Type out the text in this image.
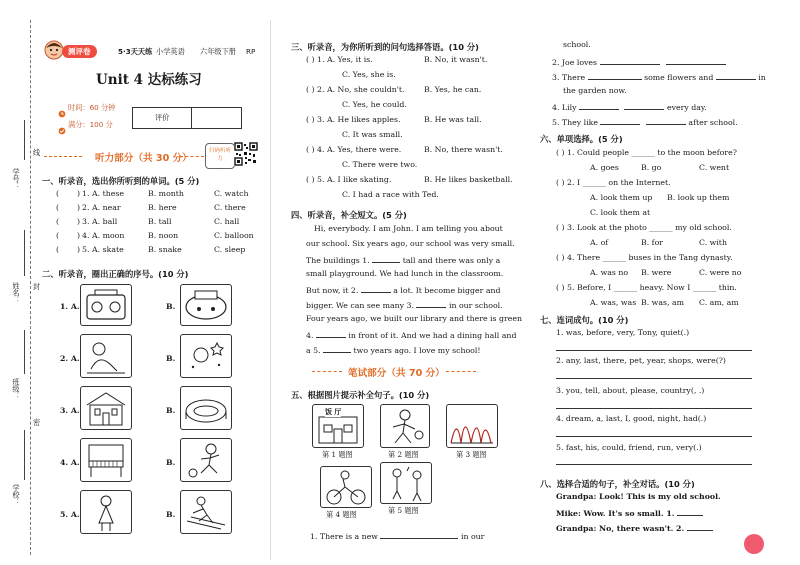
学号：
线
姓名： 封
班级：
密
学校：
测评卷	5·3天天练 小学英语 六年级下册 RP
Unit 4 达标练习
时间：60 分钟
满分：100 分
评价
听力部分（共 30 分）
扫码听听力
一、听录音，选出你所听到的单词。(5 分)
( ) 1. A. these	B. month	C. watch
( ) 2. A. near	B. here	C. there
( ) 3. A. ball	B. tall	C. hall
( ) 4. A. moon	B. noon	C. balloon
( ) 5. A. skate	B. snake	C. sleep
二、听录音，圈出正确的序号。(10 分)
1. A.	B.
2. A.	B.
3. A.	B.
4. A.	B.
5. A.	B.
三、听录音，为你所听到的问句选择答语。(10 分)
( ) 1. A. Yes, it is.	B. No, it wasn't.
C. Yes, she is.
( ) 2. A. No, she couldn't.	B. Yes, he can.
C. Yes, he could.
( ) 3. A. He likes apples.	B. He was tall.
C. It was small.
( ) 4. A. Yes, there were.	B. No, there wasn't.
C. There were two.
( ) 5. A. I like skating.	B. He likes basketball.
C. I had a race with Ted.
四、听录音，补全短文。(5 分)
Hi, everybody. I am John. I am telling you about
our school. Six years ago, our school was very small.
The buildings 1.	tall and there was only a
small playground. We had lunch in the classroom.
But now, it 2.	a lot. It become bigger and
bigger. We can see many 3.	in our school.
Four years ago, we built our library and there is green
4.	in front of it. And we had a dining hall and
a 5.	two years ago. I love my school!
笔试部分（共 70 分）
五、根据图片提示补全句子。(10 分)
饭 厅
第 1 题图	第 2 题图	第 3 题图
第 4 题图	第 5 题图
1. There is a new	in our
school.
2. Joe loves
3. There	some flowers and	in
the garden now.
4. Lily	every day.
5. They like	after school.
六、单项选择。(5 分)
( ) 1. Could people ______ to the moon before?
A. goes	B. go	C. went
( ) 2. I ______ on the Internet.
A. look them up B. look up them
C. look them at
( ) 3. Look at the photo ______ my old school.
A. of	B. for	C. with
( ) 4. There ______ buses in the Tang dynasty.
A. was no B. were	C. were no
( ) 5. Before, I ______ heavy. Now I ______ thin.
A. was, was B. was, am C. am, am
七、连词成句。(10 分)
1. was, before, very, Tony, quiet(.)
2. any, last, there, pet, year, shops, were(?)
3. you, tell, about, please, country(, .)
4. dream, a, last, I, good, night, had(.)
5. fast, his, could, friend, run, very(.)
八、选择合适的句子，补全对话。(10 分)
Grandpa: Look! This is my old school.
Mike: Wow. It's so small. 1.
Grandpa: No, there wasn't. 2.
